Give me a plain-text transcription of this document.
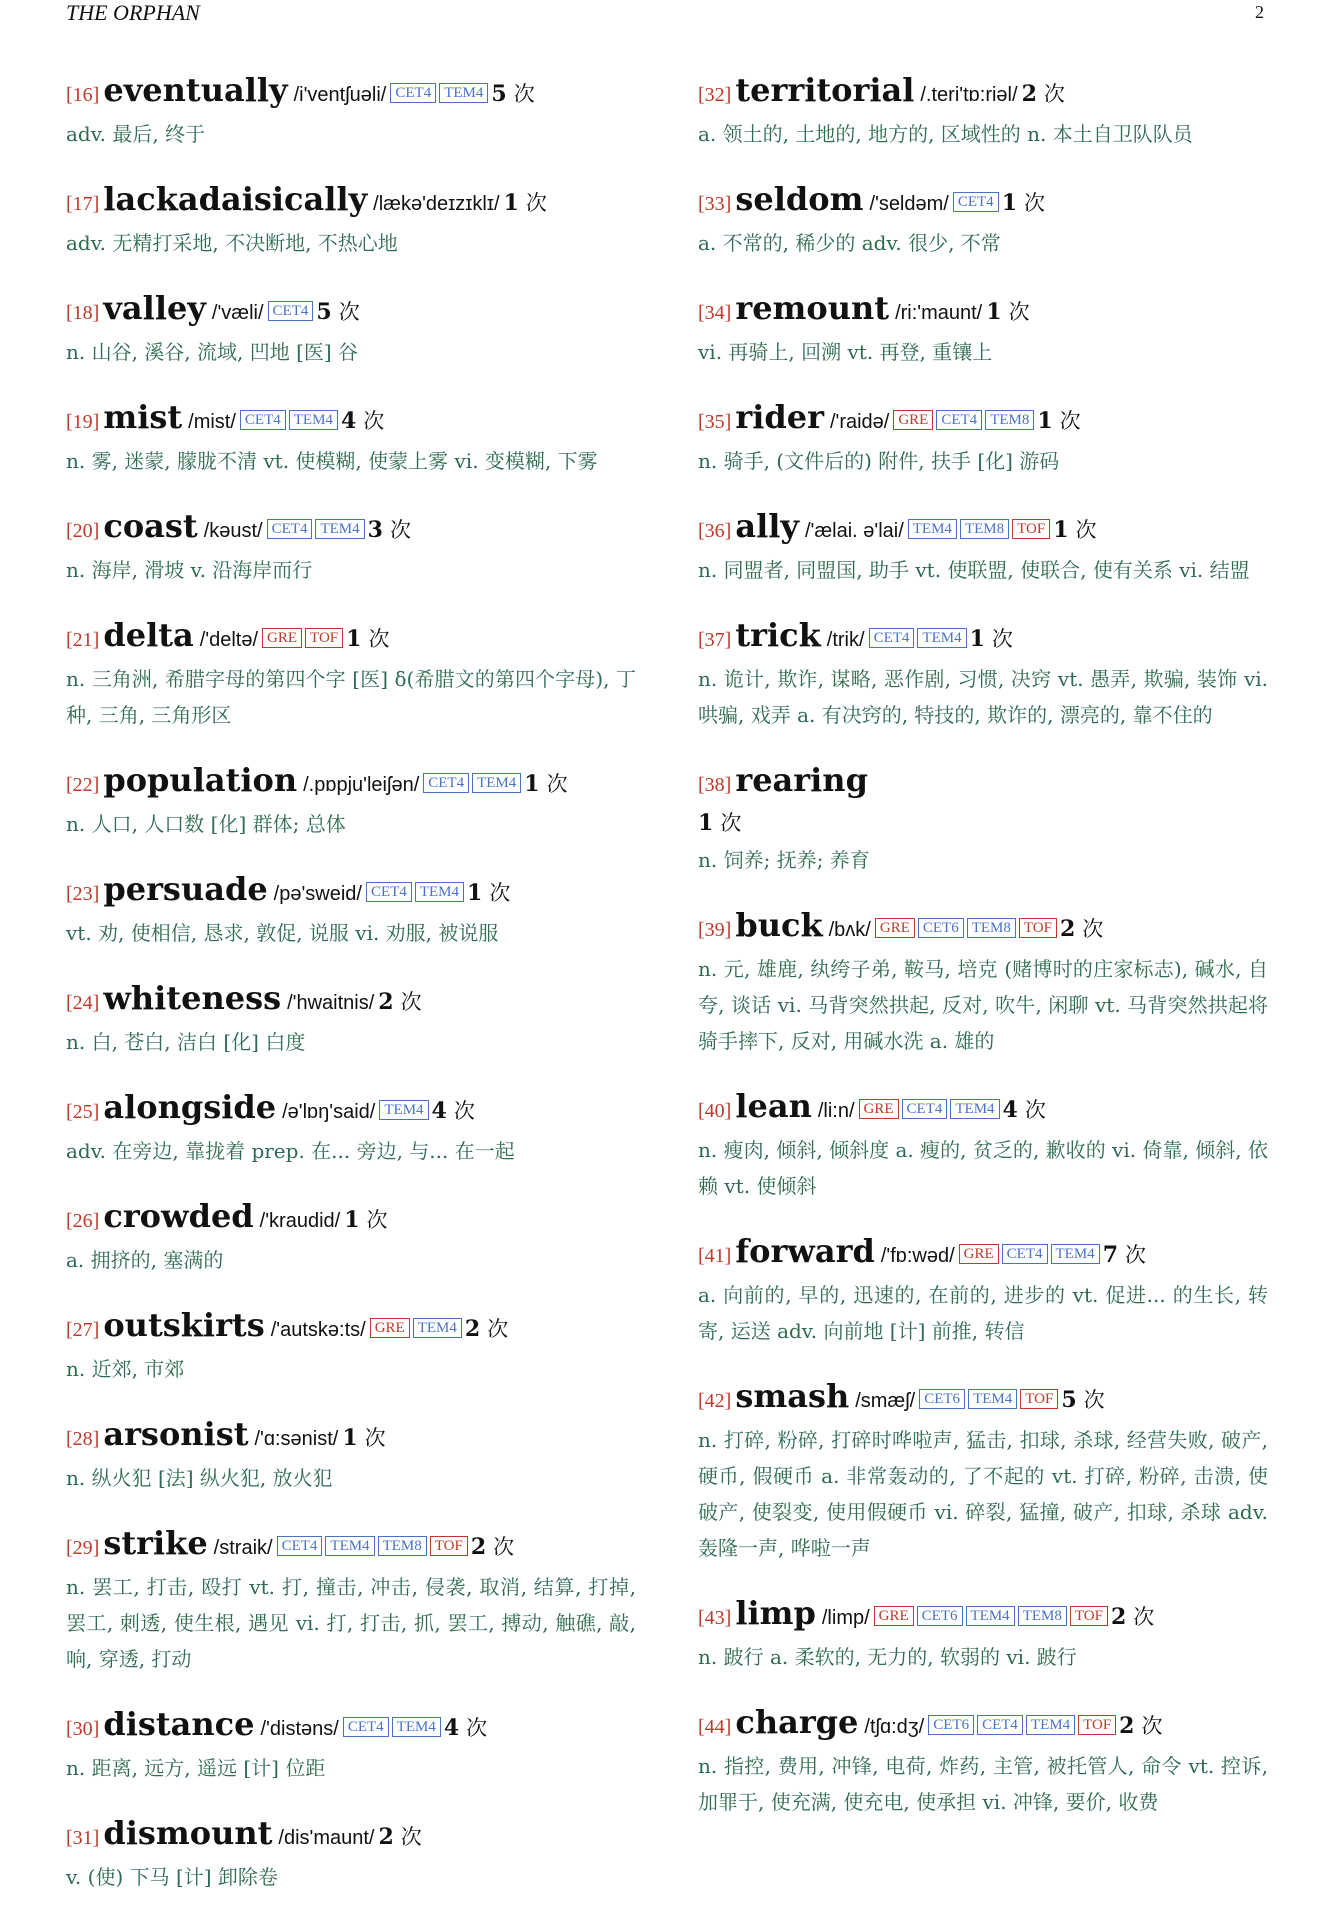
THE ORPHAN	2
[16] eventually /i'ventʃuəli/ CET4 TEM4 5 次
adv. 最后, 终于
[17] lackadaisically /lækə'deɪzɪklɪ/ 1 次
adv. 无精打采地, 不决断地, 不热心地
[18] valley /'væli/ CET4 5 次
n. 山谷, 溪谷, 流域, 凹地 [医] 谷
[19] mist /mist/ CET4 TEM4 4 次
n. 雾, 迷蒙, 朦胧不清 vt. 使模糊, 使蒙上雾 vi. 变模糊, 下雾
[20] coast /kəust/ CET4 TEM4 3 次
n. 海岸, 滑坡 v. 沿海岸而行
[21] delta /'deltə/ GRE TOF 1 次
n. 三角洲, 希腊字母的第四个字 [医] δ(希腊文的第四个字母), 丁种, 三角, 三角形区
[22] population /.pɒpju'leiʃən/ CET4 TEM4 1 次
n. 人口, 人口数 [化] 群体; 总体
[23] persuade /pə'sweid/ CET4 TEM4 1 次
vt. 劝, 使相信, 恳求, 敦促, 说服 vi. 劝服, 被说服
[24] whiteness /'hwaitnis/ 2 次
n. 白, 苍白, 洁白 [化] 白度
[25] alongside /ə'lɒŋ'said/ TEM4 4 次
adv. 在旁边, 靠拢着 prep. 在... 旁边, 与... 在一起
[26] crowded /'kraudid/ 1 次
a. 拥挤的, 塞满的
[27] outskirts /'autskə:ts/ GRE TEM4 2 次
n. 近郊, 市郊
[28] arsonist /'ɑ:sənist/ 1 次
n. 纵火犯 [法] 纵火犯, 放火犯
[29] strike /straik/ CET4 TEM4 TEM8 TOF 2 次
n. 罢工, 打击, 殴打 vt. 打, 撞击, 冲击, 侵袭, 取消, 结算, 打掉, 罢工, 刺透, 使生根, 遇见 vi. 打, 打击, 抓, 罢工, 搏动, 触礁, 敲, 响, 穿透, 打动
[30] distance /'distəns/ CET4 TEM4 4 次
n. 距离, 远方, 遥远 [计] 位距
[31] dismount /dis'maunt/ 2 次
v. (使) 下马 [计] 卸除卷
[32] territorial /.teri'tɒ:riəl/ 2 次
a. 领土的, 土地的, 地方的, 区域性的 n. 本土自卫队队员
[33] seldom /'seldəm/ CET4 1 次
a. 不常的, 稀少的 adv. 很少, 不常
[34] remount /ri:'maunt/ 1 次
vi. 再骑上, 回溯 vt. 再登, 重镶上
[35] rider /'raidə/ GRE CET4 TEM8 1 次
n. 骑手, (文件后的) 附件, 扶手 [化] 游码
[36] ally /'ælai. ə'lai/ TEM4 TEM8 TOF 1 次
n. 同盟者, 同盟国, 助手 vt. 使联盟, 使联合, 使有关系 vi. 结盟
[37] trick /trik/ CET4 TEM4 1 次
n. 诡计, 欺诈, 谋略, 恶作剧, 习惯, 决窍 vt. 愚弄, 欺骗, 装饰 vi. 哄骗, 戏弄 a. 有决窍的, 特技的, 欺诈的, 漂亮的, 靠不住的
[38] rearing
1 次
n. 饲养; 抚养; 养育
[39] buck /bʌk/ GRE CET6 TEM8 TOF 2 次
n. 元, 雄鹿, 纨绔子弟, 鞍马, 培克 (赌博时的庄家标志), 碱水, 自夸, 谈话 vi. 马背突然拱起, 反对, 吹牛, 闲聊 vt. 马背突然拱起将骑手摔下, 反对, 用碱水洗 a. 雄的
[40] lean /li:n/ GRE CET4 TEM4 4 次
n. 瘦肉, 倾斜, 倾斜度 a. 瘦的, 贫乏的, 歉收的 vi. 倚靠, 倾斜, 依赖 vt. 使倾斜
[41] forward /'fɒ:wəd/ GRE CET4 TEM4 7 次
a. 向前的, 早的, 迅速的, 在前的, 进步的 vt. 促进... 的生长, 转寄, 运送 adv. 向前地 [计] 前推, 转信
[42] smash /smæʃ/ CET6 TEM4 TOF 5 次
n. 打碎, 粉碎, 打碎时哗啦声, 猛击, 扣球, 杀球, 经营失败, 破产, 硬币, 假硬币 a. 非常轰动的, 了不起的 vt. 打碎, 粉碎, 击溃, 使破产, 使裂变, 使用假硬币 vi. 碎裂, 猛撞, 破产, 扣球, 杀球 adv. 轰隆一声, 哗啦一声
[43] limp /limp/ GRE CET6 TEM4 TEM8 TOF 2 次
n. 跛行 a. 柔软的, 无力的, 软弱的 vi. 跛行
[44] charge /tʃɑ:dʒ/ CET6 CET4 TEM4 TOF 2 次
n. 指控, 费用, 冲锋, 电荷, 炸药, 主管, 被托管人, 命令 vt. 控诉, 加罪于, 使充满, 使充电, 使承担 vi. 冲锋, 要价, 收费
